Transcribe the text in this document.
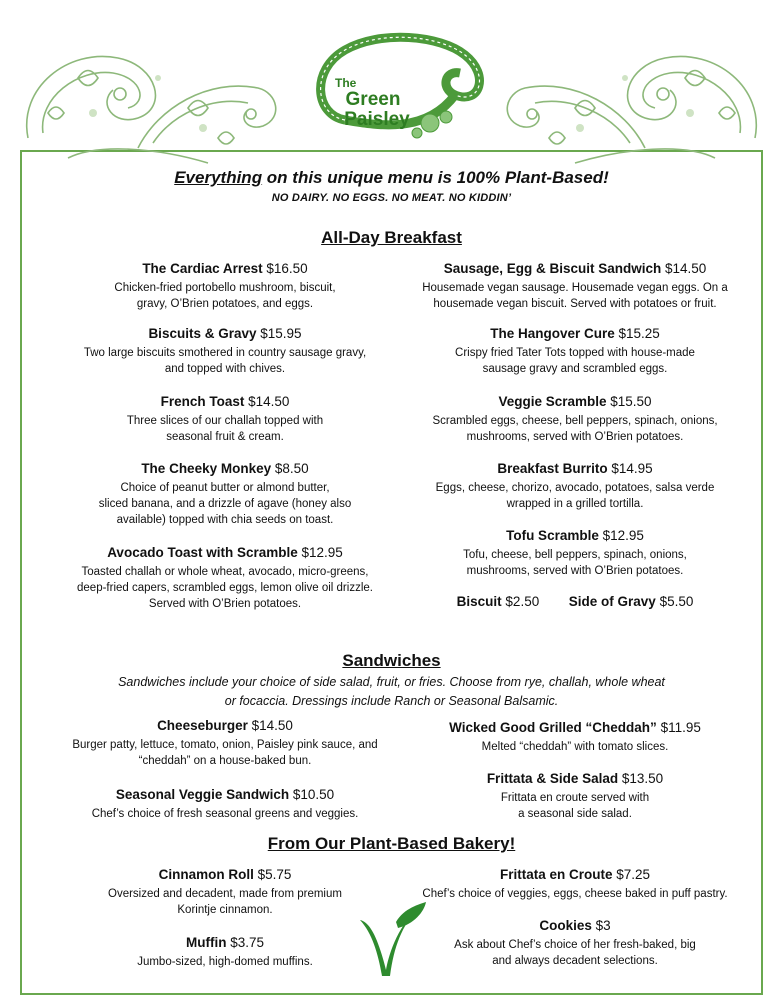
The
Green
Paisley
Everything on this unique menu is 100% Plant-Based!
NO DAIRY. NO EGGS. NO MEAT. NO KIDDIN’
All-Day Breakfast
Biscuit $2.50 Side of Gravy $5.50
Sandwiches
Sandwiches include your choice of side salad, fruit, or fries. Choose from rye, challah, whole wheat
or focaccia. Dressings include Ranch or Seasonal Balsamic.
From Our Plant-Based Bakery!
The Cardiac Arrest $16.50
Chicken-fried portobello mushroom, biscuit,
gravy, O’Brien potatoes, and eggs.
Biscuits & Gravy $15.95
Two large biscuits smothered in country sausage gravy,
and topped with chives.
French Toast $14.50
Three slices of our challah topped with
seasonal fruit & cream.
The Cheeky Monkey $8.50
Choice of peanut butter or almond butter,
sliced banana, and a drizzle of agave (honey also
available) topped with chia seeds on toast.
Avocado Toast with Scramble $12.95
Toasted challah or whole wheat, avocado, micro-greens,
deep-fried capers, scrambled eggs, lemon olive oil drizzle.
Served with O’Brien potatoes.
Sausage, Egg & Biscuit Sandwich $14.50
Housemade vegan sausage. Housemade vegan eggs. On a
housemade vegan biscuit. Served with potatoes or fruit.
The Hangover Cure $15.25
Crispy fried Tater Tots topped with house-made
sausage gravy and scrambled eggs.
Veggie Scramble $15.50
Scrambled eggs, cheese, bell peppers, spinach, onions,
mushrooms, served with O’Brien potatoes.
Breakfast Burrito $14.95
Eggs, cheese, chorizo, avocado, potatoes, salsa verde
wrapped in a grilled tortilla.
Tofu Scramble $12.95
Tofu, cheese, bell peppers, spinach, onions,
mushrooms, served with O’Brien potatoes.
Cheeseburger $14.50
Burger patty, lettuce, tomato, onion, Paisley pink sauce, and
“cheddah” on a house-baked bun.
Seasonal Veggie Sandwich $10.50
Chef’s choice of fresh seasonal greens and veggies.
Wicked Good Grilled “Cheddah” $11.95
Melted “cheddah” with tomato slices.
Frittata & Side Salad $13.50
Frittata en croute served with
a seasonal side salad.
Cinnamon Roll $5.75
Oversized and decadent, made from premium
Korintje cinnamon.
Muffin $3.75
Jumbo-sized, high-domed muffins.
Frittata en Croute $7.25
Chef’s choice of veggies, eggs, cheese baked in puff pastry.
Cookies $3
Ask about Chef’s choice of her fresh-baked, big
and always decadent selections.
